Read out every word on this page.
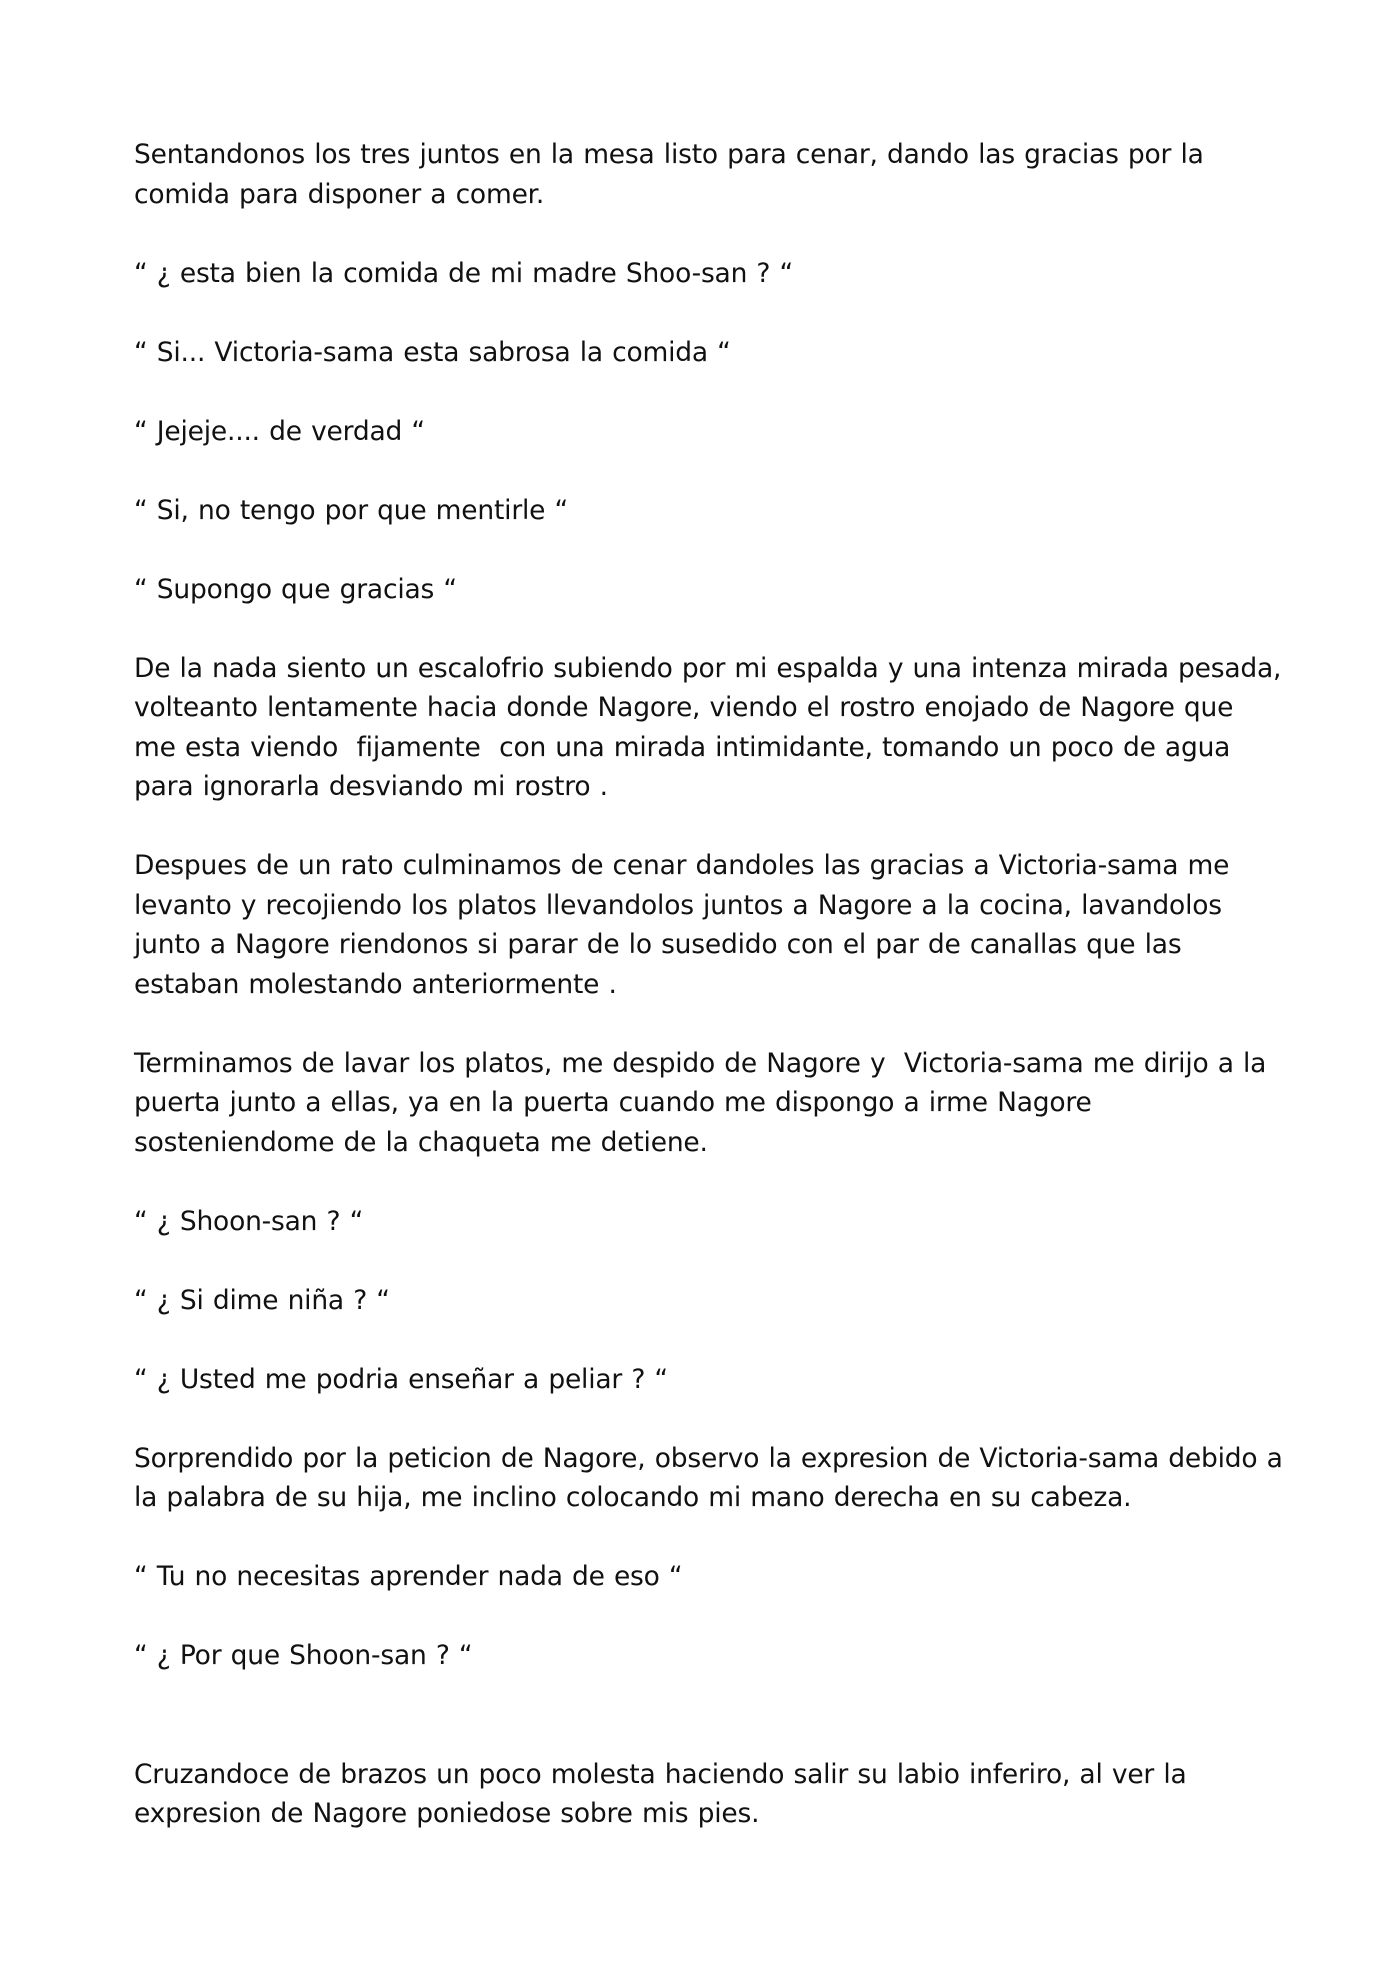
Sentandonos los tres juntos en la mesa listo para cenar, dando las gracias por la comida para disponer a comer.

“ ¿ esta bien la comida de mi madre Shoo-san ? “

“ Si... Victoria-sama esta sabrosa la comida “

“ Jejeje.... de verdad “

“ Si, no tengo por que mentirle “

“ Supongo que gracias “

De la nada siento un escalofrio subiendo por mi espalda y una intenza mirada pesada, volteanto lentamente hacia donde Nagore, viendo el rostro enojado de Nagore que me esta viendo  fijamente  con una mirada intimidante, tomando un poco de agua para ignorarla desviando mi rostro .

Despues de un rato culminamos de cenar dandoles las gracias a Victoria-sama me levanto y recojiendo los platos llevandolos juntos a Nagore a la cocina, lavandolos junto a Nagore riendonos si parar de lo susedido con el par de canallas que las estaban molestando anteriormente .

Terminamos de lavar los platos, me despido de Nagore y  Victoria-sama me dirijo a la puerta junto a ellas, ya en la puerta cuando me dispongo a irme Nagore sosteniendome de la chaqueta me detiene.

“ ¿ Shoon-san ? “

“ ¿ Si dime niña ? “

“ ¿ Usted me podria enseñar a peliar ? “

Sorprendido por la peticion de Nagore, observo la expresion de Victoria-sama debido a la palabra de su hija, me inclino colocando mi mano derecha en su cabeza.

“ Tu no necesitas aprender nada de eso “

“ ¿ Por que Shoon-san ? “

Cruzandoce de brazos un poco molesta haciendo salir su labio inferiro, al ver la expresion de Nagore poniedose sobre mis pies.
